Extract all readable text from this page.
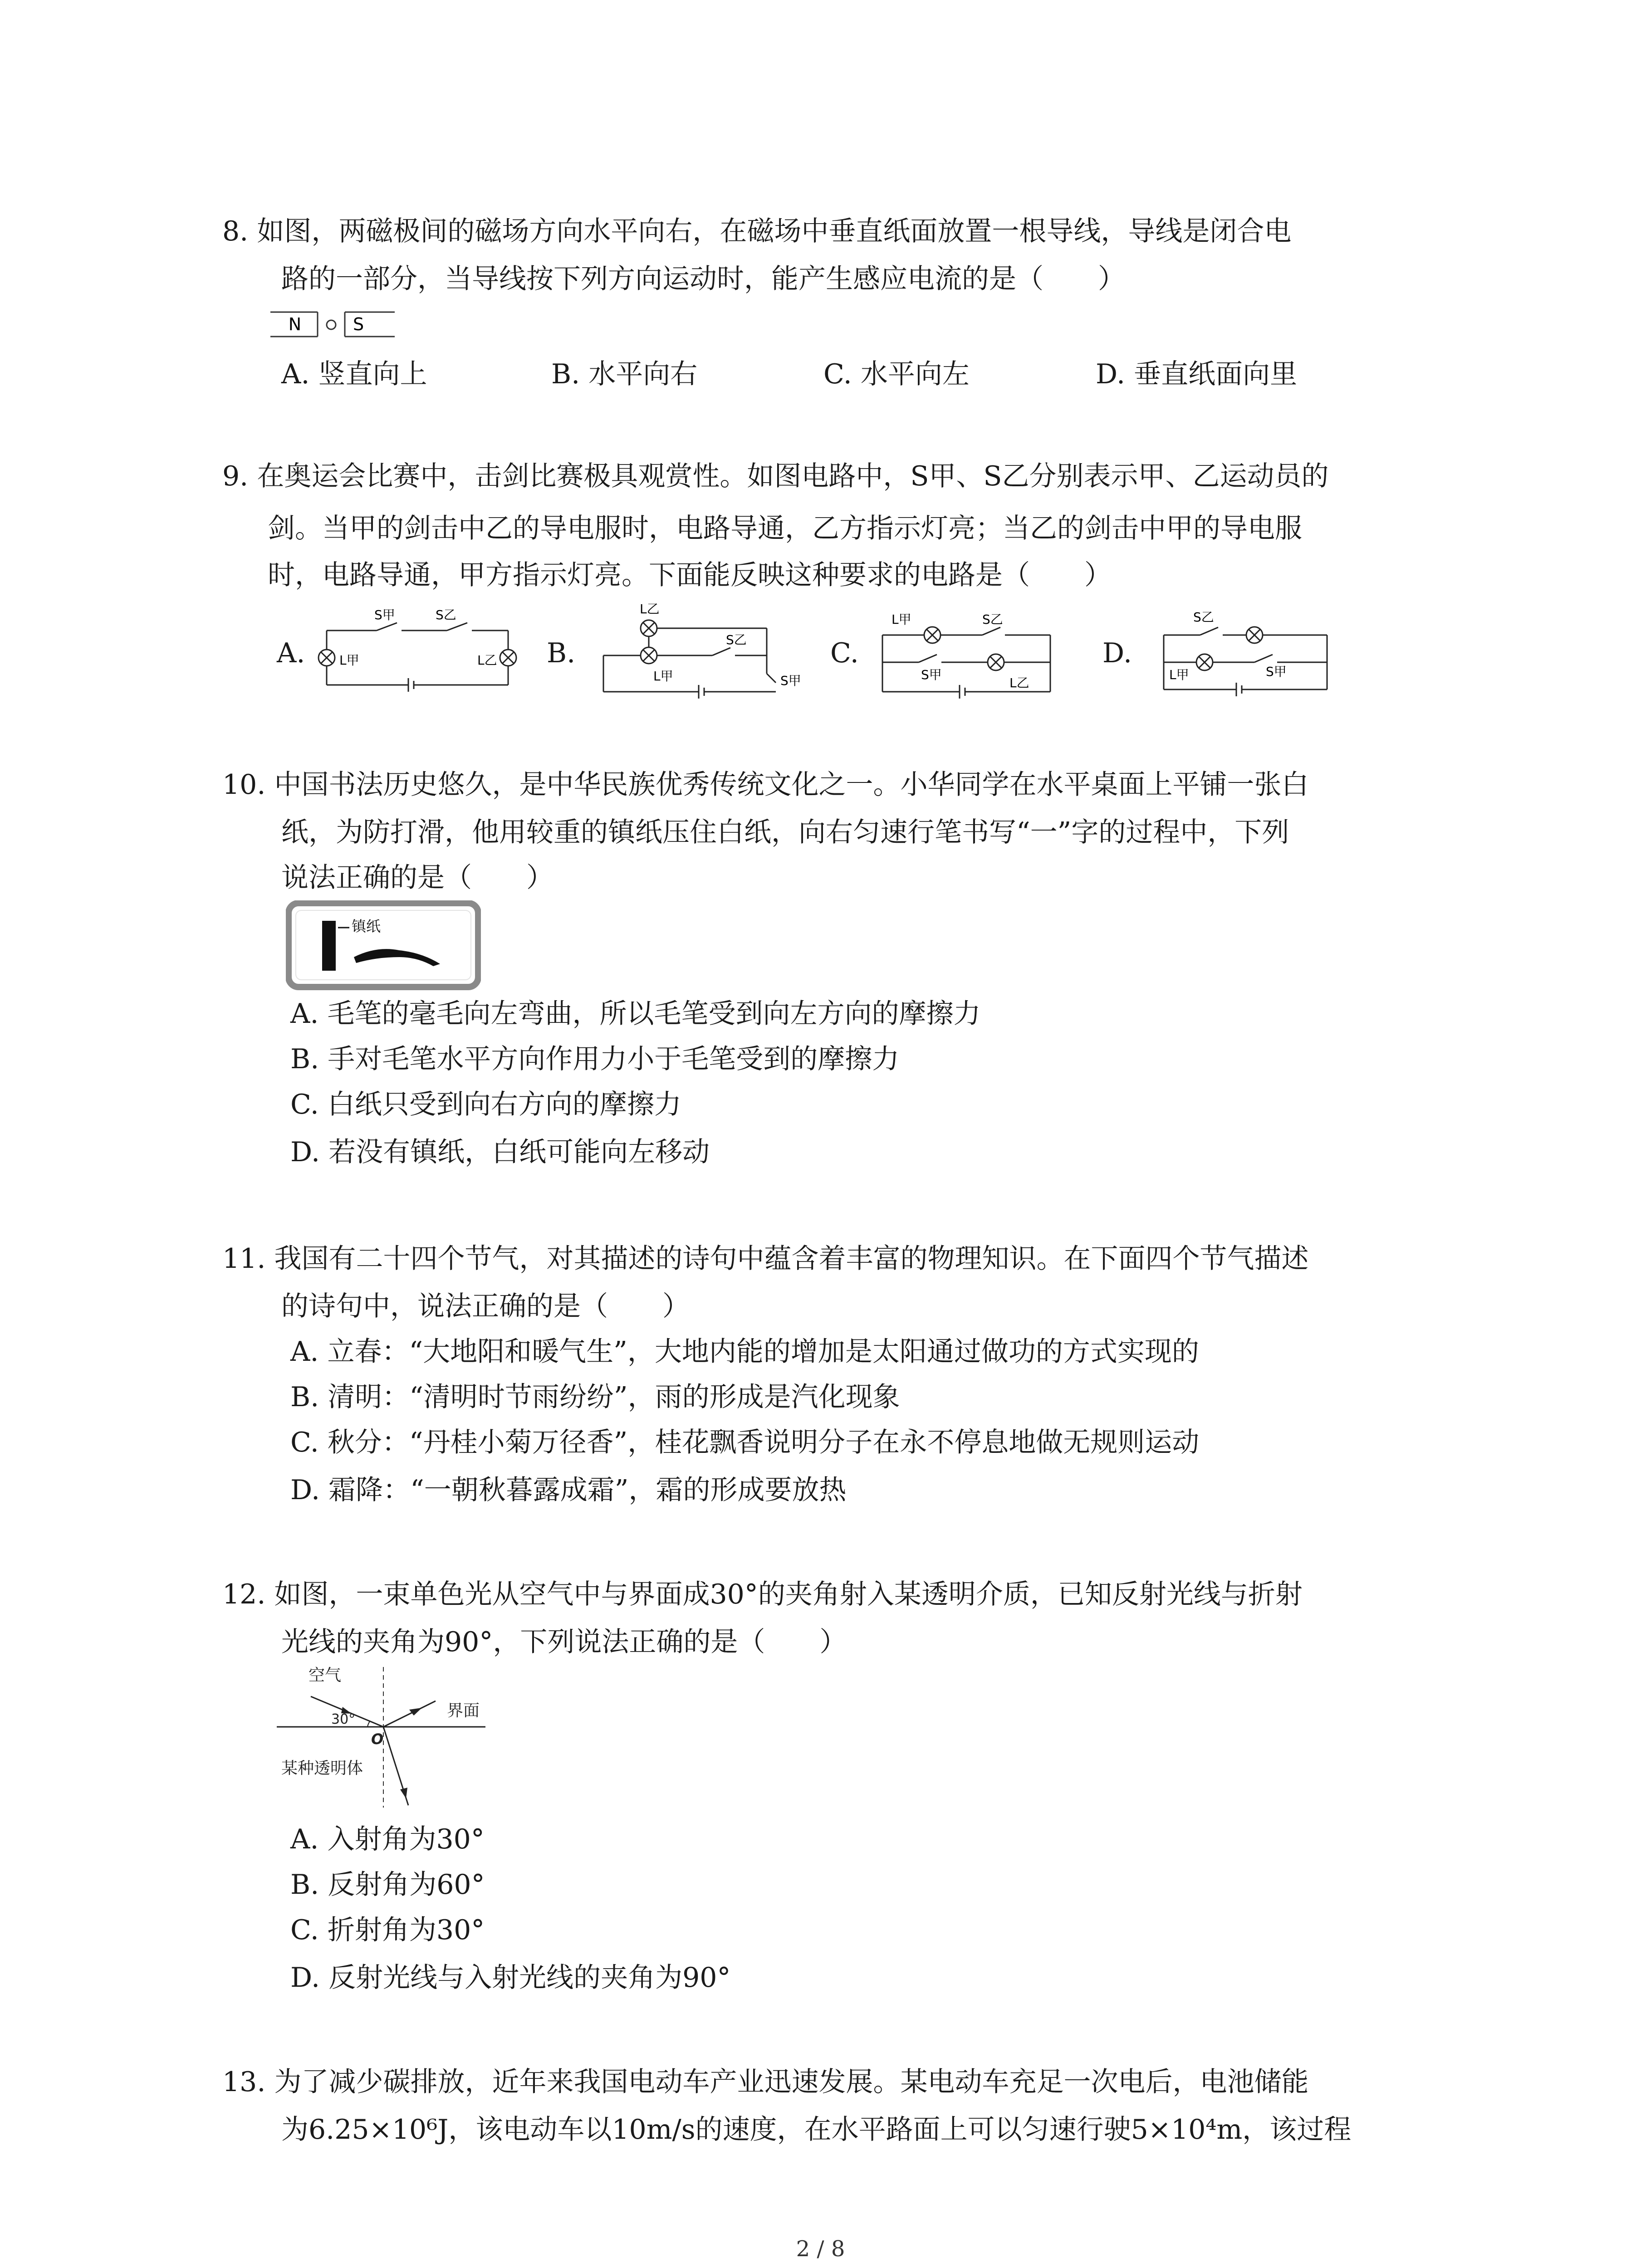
8. 如图，两磁极间的磁场方向水平向右，在磁场中垂直纸面放置一根导线，导线是闭合电
路的一部分，当导线按下列方向运动时，能产生感应电流的是（　　）
N	S
A. 竖直向上	B. 水平向右	C. 水平向左	D. 垂直纸面向里
9. 在奥运会比赛中，击剑比赛极具观赏性。如图电路中，S甲、S乙分别表示甲、乙运动员的
剑。当甲的剑击中乙的导电服时，电路导通，乙方指示灯亮；当乙的剑击中甲的导电服
时，电路导通，甲方指示灯亮。下面能反映这种要求的电路是（　　）
A.
S甲	S乙
L甲	L乙 B.
L乙
L甲
S乙
S甲
C.
L甲	S乙
S甲
L乙
D.
S乙
L甲	S甲
10. 中国书法历史悠久，是中华民族优秀传统文化之一。小华同学在水平桌面上平铺一张白
纸，为防打滑，他用较重的镇纸压住白纸，向右匀速行笔书写“一”字的过程中，下列
说法正确的是（　　）
镇纸
A. 毛笔的毫毛向左弯曲，所以毛笔受到向左方向的摩擦力
B. 手对毛笔水平方向作用力小于毛笔受到的摩擦力
C. 白纸只受到向右方向的摩擦力
D. 若没有镇纸，白纸可能向左移动
11. 我国有二十四个节气，对其描述的诗句中蕴含着丰富的物理知识。在下面四个节气描述
的诗句中，说法正确的是（　　）
A. 立春：“大地阳和暖气生”，大地内能的增加是太阳通过做功的方式实现的
B. 清明：“清明时节雨纷纷”，雨的形成是汽化现象
C. 秋分：“丹桂小菊万径香”，桂花飘香说明分子在永不停息地做无规则运动
D. 霜降：“一朝秋暮露成霜”，霜的形成要放热
12. 如图，一束单色光从空气中与界面成30°的夹角射入某透明介质，已知反射光线与折射
光线的夹角为90°，下列说法正确的是（　　）
空气
界面
30°
O
某种透明体
A. 入射角为30°
B. 反射角为60°
C. 折射角为30°
D. 反射光线与入射光线的夹角为90°
13. 为了减少碳排放，近年来我国电动车产业迅速发展。某电动车充足一次电后，电池储能
为6.25×10⁶J，该电动车以10m/s的速度，在水平路面上可以匀速行驶5×10⁴m，该过程
2 / 8
